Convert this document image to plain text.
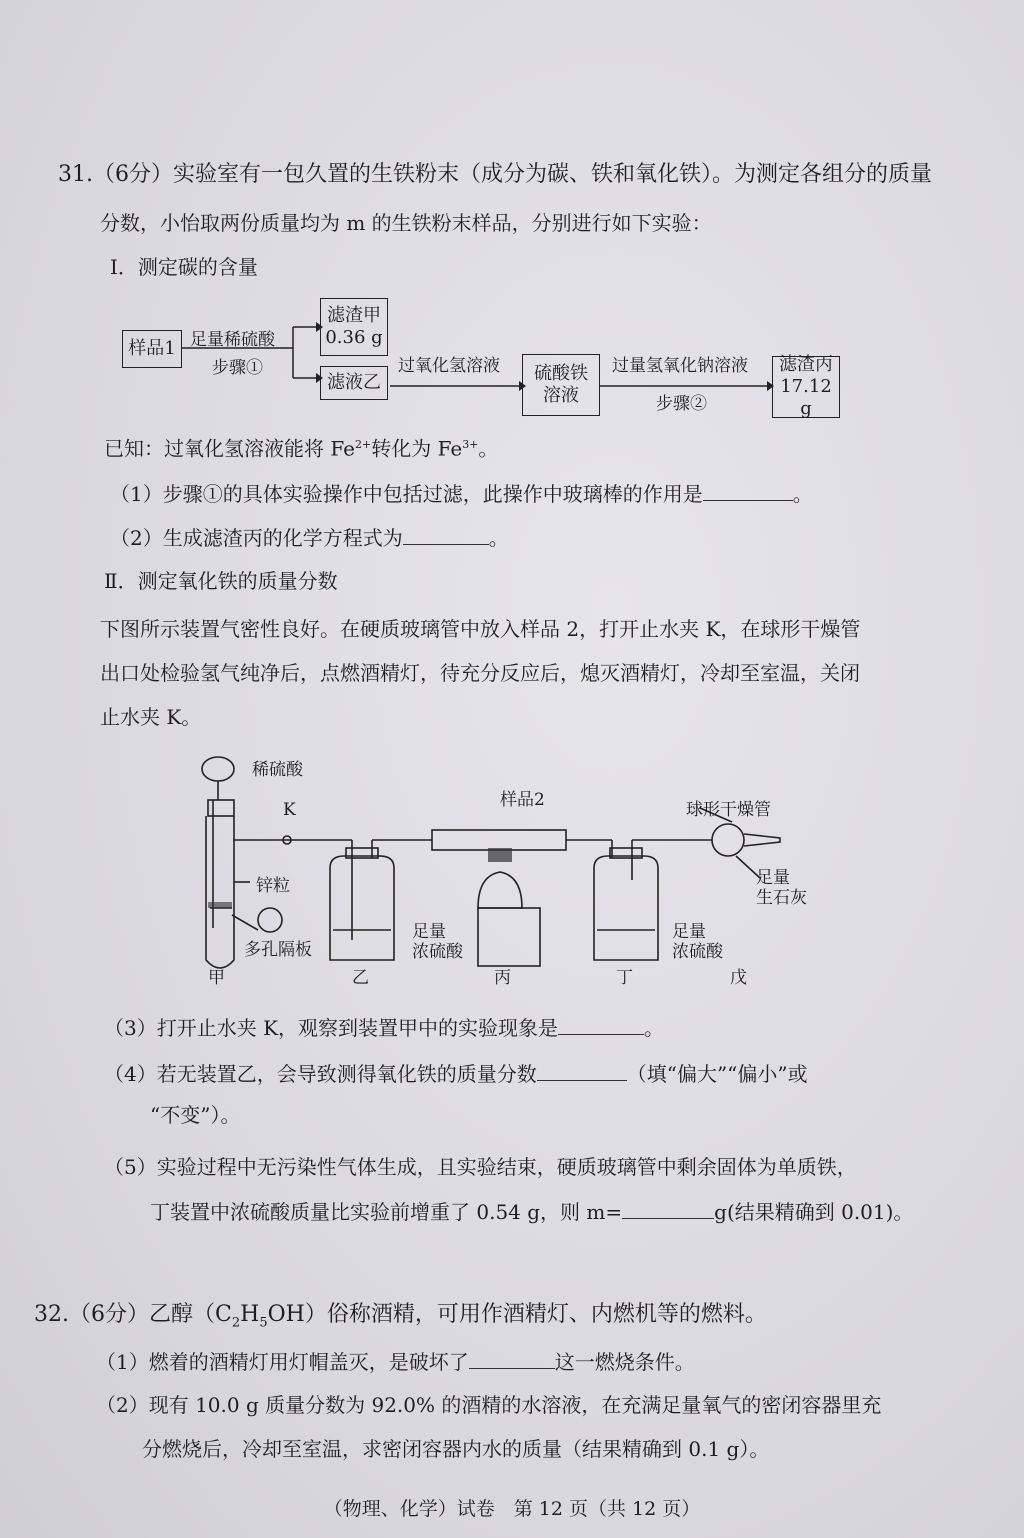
31.（6分）实验室有一包久置的生铁粉末（成分为碳、铁和氧化铁）。为测定各组分的质量
分数，小怡取两份质量均为 m 的生铁粉末样品，分别进行如下实验：
Ⅰ．测定碳的含量
样品1 足量稀硫酸
步骤①
滤渣甲
0.36 g
滤液乙
过氧化氢溶液 硫酸铁
溶液
过量氢氧化钠溶液
步骤②
滤渣丙
17.12 g
已知：过氧化氢溶液能将 $Fe^{2+}$转化为 $Fe^{3+}$。
（1）步骤①的具体实验操作中包括过滤，此操作中玻璃棒的作用是	。
（2）生成滤渣丙的化学方程式为	。
Ⅱ．测定氧化铁的质量分数
下图所示装置气密性良好。在硬质玻璃管中放入样品 2，打开止水夹 K，在球形干燥管
出口处检验氢气纯净后，点燃酒精灯，待充分反应后，熄灭酒精灯，冷却至室温，关闭
止水夹 K。
稀硫酸
K	样品2	球形干燥管
锌粒
多孔隔板
足量
浓硫酸
足量
浓硫酸
足量
生石灰
甲	乙	丙	丁	戊
（3）打开止水夹 K，观察到装置甲中的实验现象是	。
（4）若无装置乙，会导致测得氧化铁的质量分数	（填“偏大”“偏小”或
“不变”）。
（5）实验过程中无污染性气体生成，且实验结束，硬质玻璃管中剩余固体为单质铁，
丁装置中浓硫酸质量比实验前增重了 0.54 g，则 m=	g(结果精确到 0.01)。
32.（6分）乙醇$(C_2H_5OH)$俗称酒精，可用作酒精灯、内燃机等的燃料。
（1）燃着的酒精灯用灯帽盖灭，是破坏了	这一燃烧条件。
（2）现有 10.0 g 质量分数为 92.0% 的酒精的水溶液，在充满足量氧气的密闭容器里充
分燃烧后，冷却至室温，求密闭容器内水的质量（结果精确到 0.1 g）。
（物理、化学）试卷　第 12 页（共 12 页）
